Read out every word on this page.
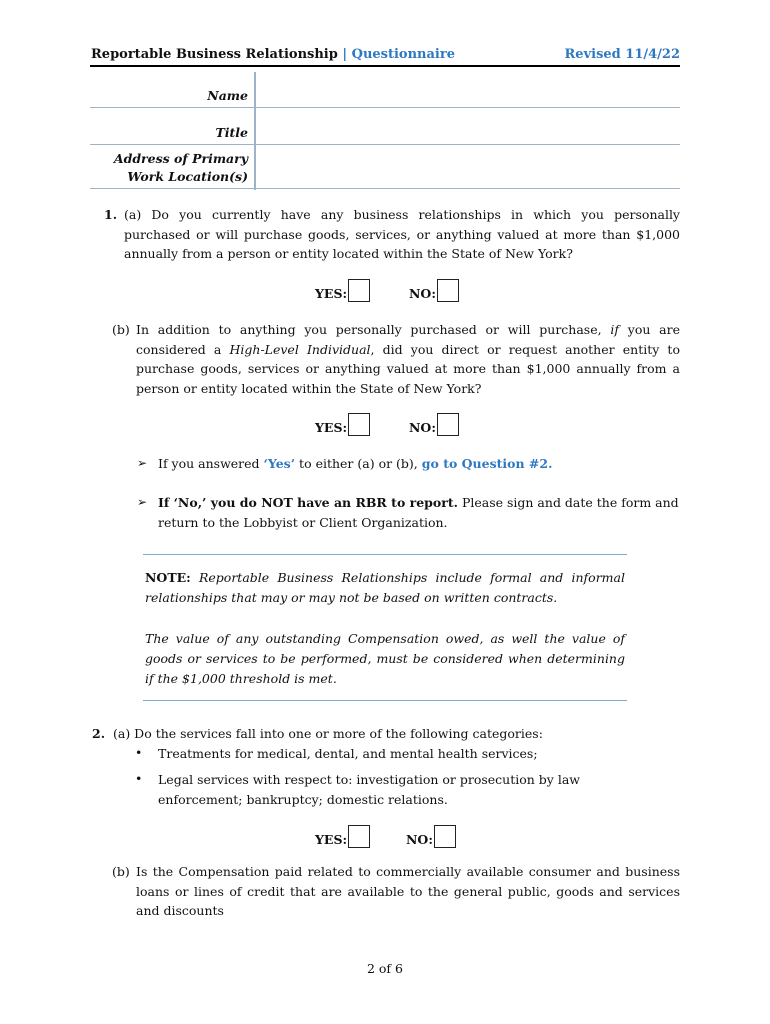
Reportable Business Relationship | Questionnaire	Revised 11/4/22
Name
Title
Address of Primary
Work Location(s)
1. (a) Do you currently have any business relationships in which you personally purchased or will purchase goods, services, or anything valued at more than $1,000 annually from a person or entity located within the State of New York?
YES:	NO:
(b) In addition to anything you personally purchased or will purchase, if you are considered a High-Level Individual, did you direct or request another entity to purchase goods, services or anything valued at more than $1,000 annually from a person or entity located within the State of New York?
YES:	NO:
➢ If you answered ‘Yes’ to either (a) or (b), go to Question #2.
➢ If ‘No,’ you do NOT have an RBR to report. Please sign and date the form and return to the Lobbyist or Client Organization.
NOTE: Reportable Business Relationships include formal and informal relationships that may or may not be based on written contracts.
The value of any outstanding Compensation owed, as well the value of goods or services to be performed, must be considered when determining if the $1,000 threshold is met.
2. (a) Do the services fall into one or more of the following categories:
• Treatments for medical, dental, and mental health services;
• Legal services with respect to: investigation or prosecution by law enforcement; bankruptcy; domestic relations.
YES:	NO:
(b) Is the Compensation paid related to commercially available consumer and business loans or lines of credit that are available to the general public, goods and services and discounts
2 of 6
